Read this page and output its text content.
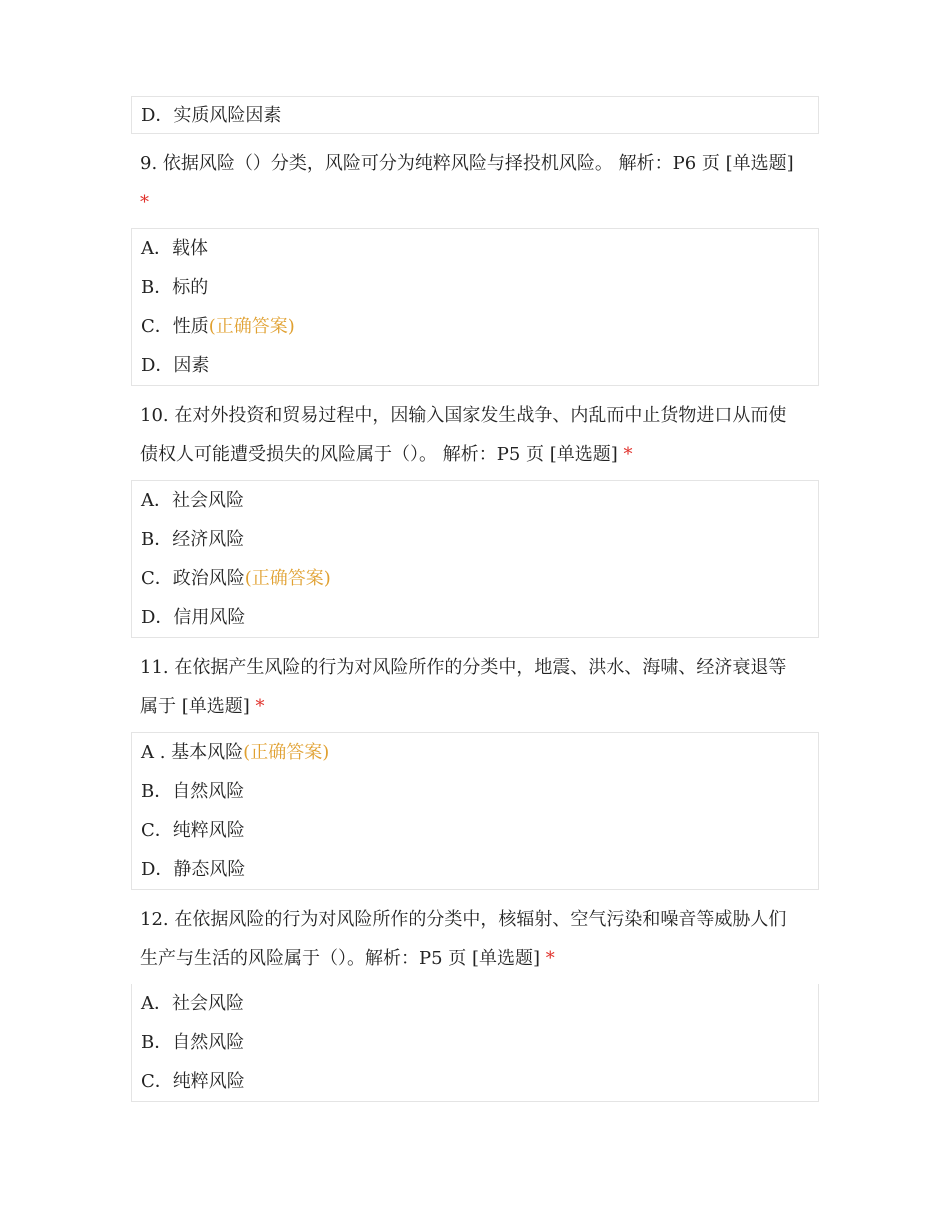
D．实质风险因素
9. 依据风险（）分类，风险可分为纯粹风险与择投机风险。 解析：P6 页 [单选题]
*
A．载体
B．标的
C．性质(正确答案)
D．因素
10. 在对外投资和贸易过程中，因输入国家发生战争、内乱而中止货物进口从而使
债权人可能遭受损失的风险属于（）。 解析：P5 页 [单选题] *
A．社会风险
B．经济风险
C．政治风险(正确答案)
D．信用风险
11. 在依据产生风险的行为对风险所作的分类中，地震、洪水、海啸、经济衰退等
属于 [单选题] *
A . 基本风险(正确答案)
B．自然风险
C．纯粹风险
D．静态风险
12. 在依据风险的行为对风险所作的分类中，核辐射、空气污染和噪音等威胁人们
生产与生活的风险属于（）。解析：P5 页 [单选题] *
A．社会风险
B．自然风险
C．纯粹风险
